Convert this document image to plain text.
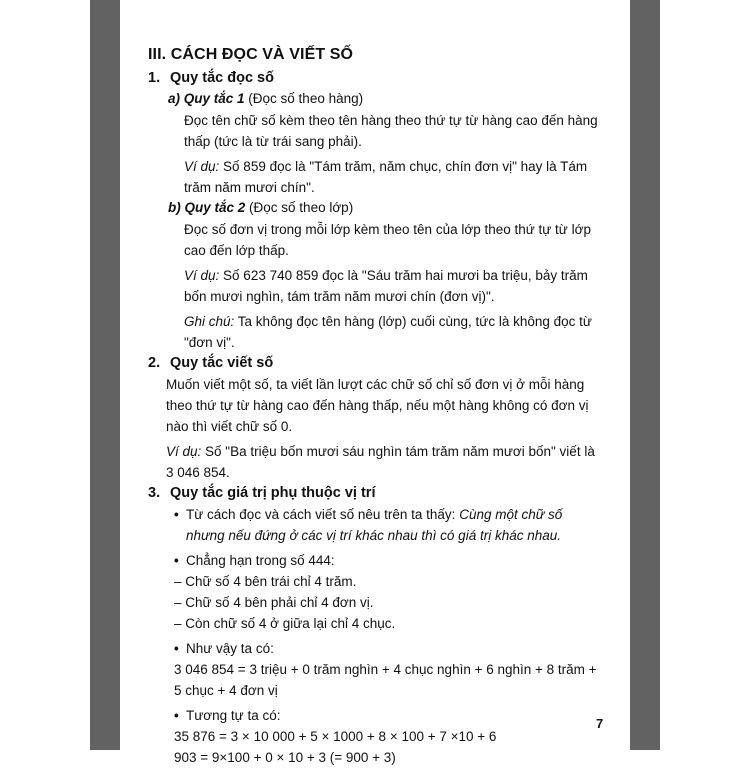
III. CÁCH ĐỌC VÀ VIẾT SỐ
1. Quy tắc đọc số
a) Quy tắc 1 (Đọc số theo hàng)

Đọc tên chữ số kèm theo tên hàng theo thứ tự từ hàng cao đến hàng thấp (tức là từ trái sang phải).

Ví dụ: Số 859 đọc là "Tám trăm, năm chục, chín đơn vị" hay là Tám trăm năm mươi chín".

b) Quy tắc 2 (Đọc số theo lớp)

Đọc số đơn vị trong mỗi lớp kèm theo tên của lớp theo thứ tự từ lớp cao đến lớp thấp.

Ví dụ: Số 623 740 859 đọc là "Sáu trăm hai mươi ba triệu, bảy trăm bốn mươi nghìn, tám trăm năm mươi chín (đơn vị)".

Ghi chú: Ta không đọc tên hàng (lớp) cuối cùng, tức là không đọc từ "đơn vị".

2. Quy tắc viết số

Muốn viết một số, ta viết lần lượt các chữ số chỉ số đơn vị ở mỗi hàng theo thứ tự từ hàng cao đến hàng thấp, nếu một hàng không có đơn vị nào thì viết chữ số 0.

Ví dụ: Số "Ba triệu bốn mươi sáu nghìn tám trăm năm mươi bốn" viết là 3 046 854.

3. Quy tắc giá trị phụ thuộc vị trí
• Từ cách đọc và cách viết số nêu trên ta thấy: Cùng một chữ số nhưng nếu đứng ở các vị trí khác nhau thì có giá trị khác nhau.
• Chẳng hạn trong số 444:
– Chữ số 4 bên trái chỉ 4 trăm.
– Chữ số 4 bên phải chỉ 4 đơn vị.
– Còn chữ số 4 ở giữa lại chỉ 4 chục.
• Như vậy ta có:
3 046 854 = 3 triệu + 0 trăm nghìn + 4 chục nghìn + 6 nghìn + 8 trăm + 5 chục + 4 đơn vị
• Tương tự ta có:
35 876 = 3 × 10 000 + 5 × 1000 + 8 × 100 + 7 ×10 + 6
903 = 9×100 + 0 × 10 + 3 (= 900 + 3)
7
